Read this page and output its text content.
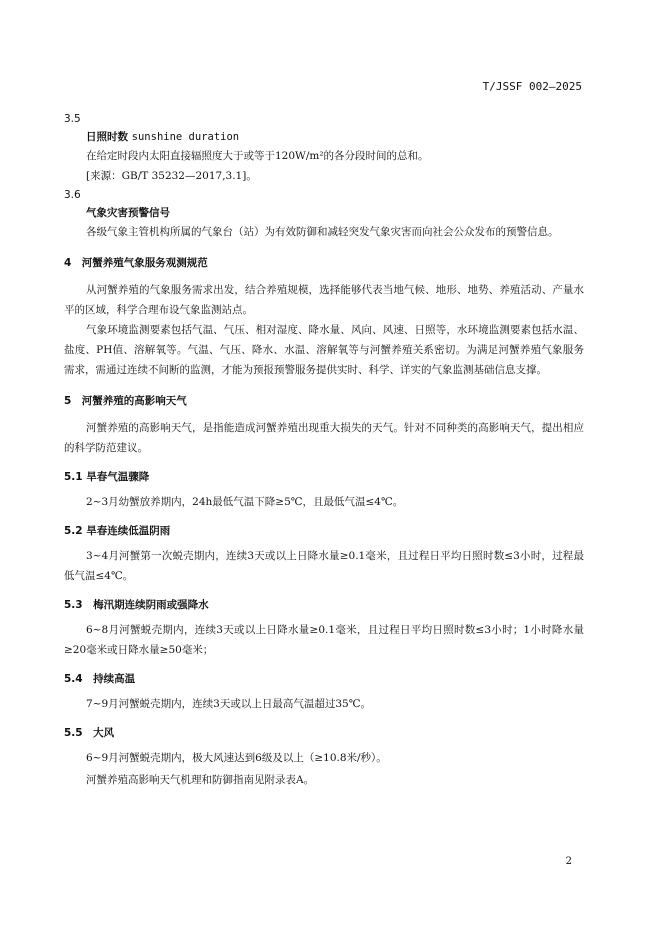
T/JSSF 002—2025
3.5
日照时数 sunshine duration

在给定时段内太阳直接辐照度大于或等于120W/m²的各分段时间的总和。

[来源：GB/T 35232—2017,3.1]。

3.6
气象灾害预警信号

各级气象主管机构所属的气象台（站）为有效防御和减轻突发气象灾害而向社会公众发布的预警信息。

4　河蟹养殖气象服务观测规范

从河蟹养殖的气象服务需求出发，结合养殖规模，选择能够代表当地气候、地形、地势、养殖活动、产量水平的区域，科学合理布设气象监测站点。

气象环境监测要素包括气温、气压、相对湿度、降水量、风向、风速、日照等，水环境监测要素包括水温、盐度、PH值、溶解氧等。气温、气压、降水、水温、溶解氧等与河蟹养殖关系密切。为满足河蟹养殖气象服务需求，需通过连续不间断的监测，才能为预报预警服务提供实时、科学、详实的气象监测基础信息支撑。

5　河蟹养殖的高影响天气

河蟹养殖的高影响天气，是指能造成河蟹养殖出现重大损失的天气。针对不同种类的高影响天气，提出相应的科学防范建议。

5.1 旱春气温骤降

2~3月幼蟹放养期内，24h最低气温下降≥5℃，且最低气温≤4℃。

5.2 旱春连续低温阴雨

3~4月河蟹第一次蜕壳期内，连续3天或以上日降水量≥0.1毫米，且过程日平均日照时数≤3小时，过程最低气温≤4℃。

5.3　梅汛期连续阴雨或强降水

6~8月河蟹蜕壳期内，连续3天或以上日降水量≥0.1毫米，且过程日平均日照时数≤3小时；1小时降水量≥20毫米或日降水量≥50毫米；

5.4　持续高温

7~9月河蟹蜕壳期内，连续3天或以上日最高气温超过35℃。

5.5　大风

6~9月河蟹蜕壳期内，极大风速达到6级及以上（≥10.8米/秒）。

河蟹养殖高影响天气机理和防御指南见附录表A。

2
